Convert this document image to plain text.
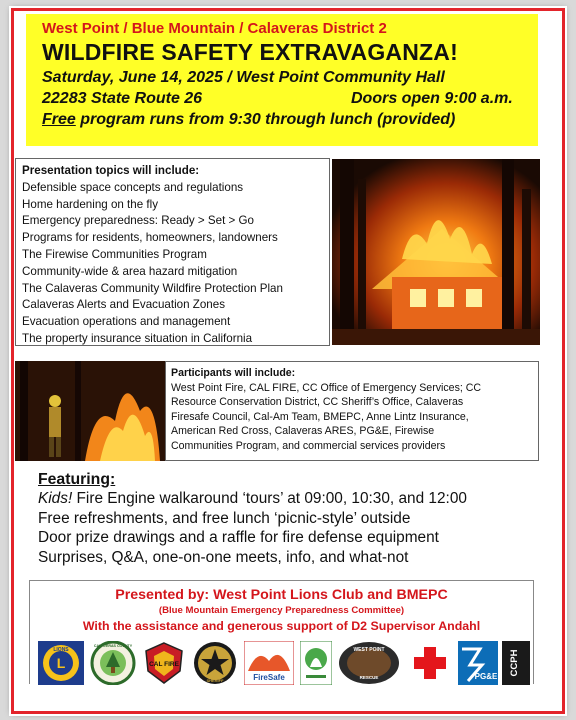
West Point / Blue Mountain / Calaveras District 2
WILDFIRE SAFETY EXTRAVAGANZA!
Saturday, June 14, 2025 / West Point Community Hall
22283 State Route 26	Doors open 9:00 a.m.
Free program runs from 9:30 through lunch (provided)
Presentation topics will include:
Defensible space concepts and regulations
Home hardening on the fly
Emergency preparedness: Ready > Set > Go
Programs for residents, homeowners, landowners
The Firewise Communities Program
Community-wide & area hazard mitigation
The Calaveras Community Wildfire Protection Plan
Calaveras Alerts and Evacuation Zones
Evacuation operations and management
The property insurance situation in California
Participants will include:
West Point Fire, CAL FIRE, CC Office of Emergency Services; CC
Resource Conservation District, CC Sheriff’s Office, Calaveras
Firesafe Council, Cal-Am Team, BMEPC, Anne Lintz Insurance,
American Red Cross, Calaveras ARES, PG&E, Firewise
Communities Program, and commercial services providers
Featuring:
Kids! Fire Engine walkaround ‘tours’ at 09:00, 10:30, and 12:00
Free refreshments, and free lunch ‘picnic-style’ outside
Door prize drawings and a raffle for fire defense equipment
Surprises, Q&A, one-on-one meets, info, and what-not
Presented by: West Point Lions Club and BMEPC
(Blue Mountain Emergency Preparedness Committee)
With the assistance and generous support of D2 Supervisor Andahl
LIONS
L
CALAVERAS COUNTY
CAL FIRE
SHERIFF	FireSafe
WEST POINT
RESCUE	PG&E
CCPH
